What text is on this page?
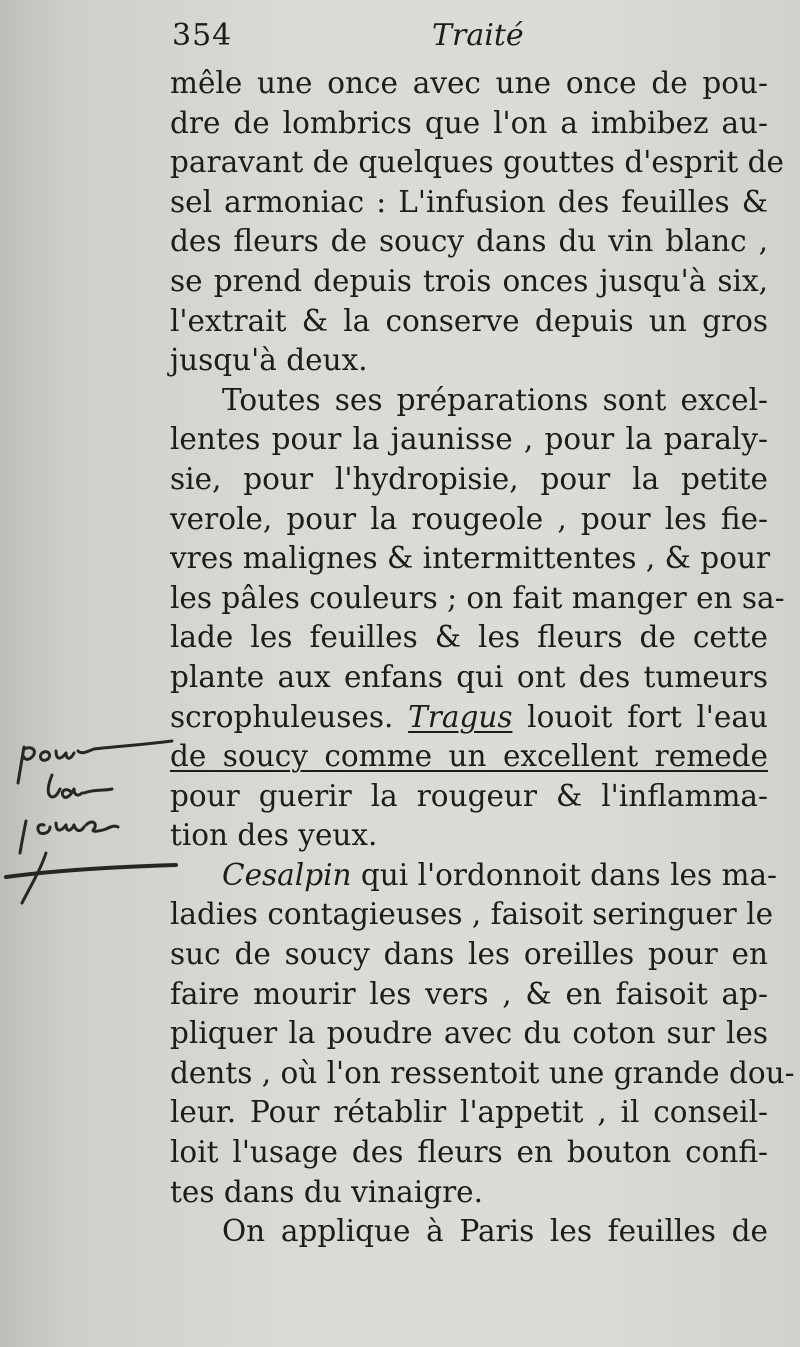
354	Traité
mêle une once avec une once de pou-
dre de lombrics que l'on a imbibez au-
paravant de quelques gouttes d'esprit de
sel armoniac : L'infusion des feuilles &
des fleurs de soucy dans du vin blanc ,
se prend depuis trois onces jusqu'à six,
l'extrait & la conserve depuis un gros
jusqu'à deux.
Toutes ses préparations sont excel-
lentes pour la jaunisse , pour la paraly-
sie, pour l'hydropisie, pour la petite
verole, pour la rougeole , pour les fie-
vres malignes & intermittentes , & pour
les pâles couleurs ; on fait manger en sa-
lade les feuilles & les fleurs de cette
plante aux enfans qui ont des tumeurs
scrophuleuses. Tragus louoit fort l'eau
de soucy comme un excellent remede
pour guerir la rougeur & l'inflamma-
tion des yeux.
Cesalpin qui l'ordonnoit dans les ma-
ladies contagieuses , faisoit seringuer le
suc de soucy dans les oreilles pour en
faire mourir les vers , & en faisoit ap-
pliquer la poudre avec du coton sur les
dents , où l'on ressentoit une grande dou-
leur. Pour rétablir l'appetit , il conseil-
loit l'usage des fleurs en bouton confi-
tes dans du vinaigre.
On applique à Paris les feuilles de
